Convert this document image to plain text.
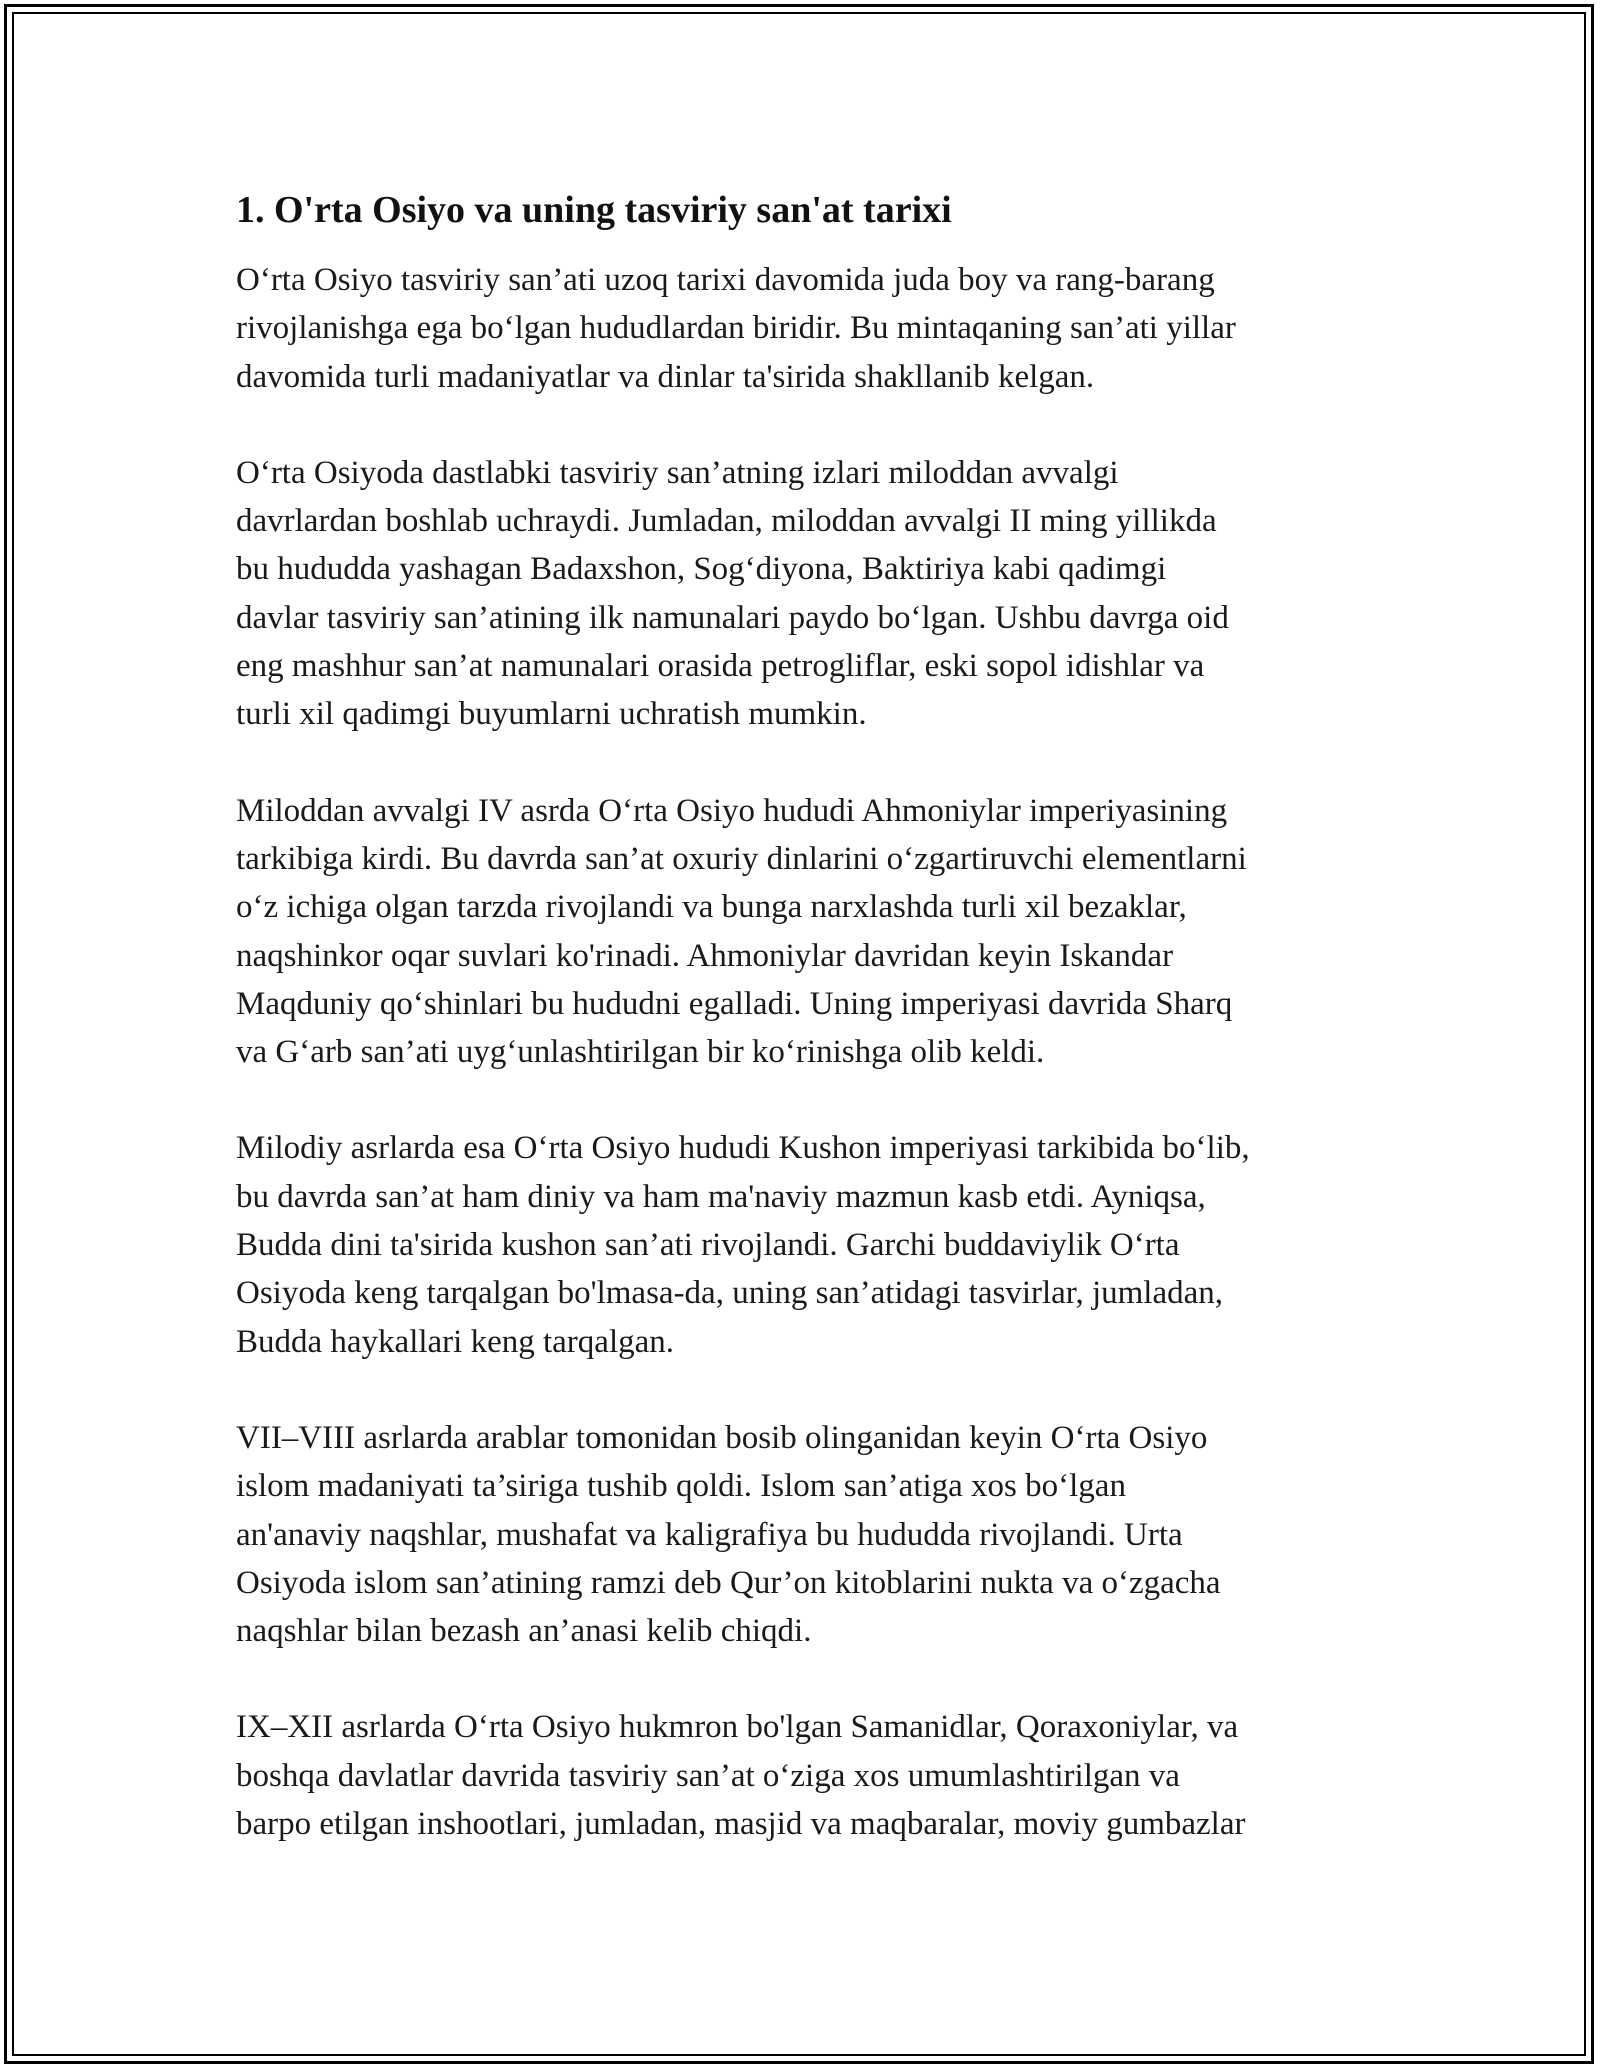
1. O'rta Osiyo va uning tasviriy san'at tarixi
O‘rta Osiyo tasviriy san’ati uzoq tarixi davomida juda boy va rang-barang
rivojlanishga ega bo‘lgan hududlardan biridir. Bu mintaqaning san’ati yillar
davomida turli madaniyatlar va dinlar ta'sirida shakllanib kelgan.
O‘rta Osiyoda dastlabki tasviriy san’atning izlari miloddan avvalgi
davrlardan boshlab uchraydi. Jumladan, miloddan avvalgi II ming yillikda
bu hududda yashagan Badaxshon, Sog‘diyona, Baktiriya kabi qadimgi
davlar tasviriy san’atining ilk namunalari paydo bo‘lgan. Ushbu davrga oid
eng mashhur san’at namunalari orasida petrogliflar, eski sopol idishlar va
turli xil qadimgi buyumlarni uchratish mumkin.
Miloddan avvalgi IV asrda O‘rta Osiyo hududi Ahmoniylar imperiyasining
tarkibiga kirdi. Bu davrda san’at oxuriy dinlarini o‘zgartiruvchi elementlarni
o‘z ichiga olgan tarzda rivojlandi va bunga narxlashda turli xil bezaklar,
naqshinkor oqar suvlari ko'rinadi. Ahmoniylar davridan keyin Iskandar
Maqduniy qo‘shinlari bu hududni egalladi. Uning imperiyasi davrida Sharq
va G‘arb san’ati uyg‘unlashtirilgan bir ko‘rinishga olib keldi.
Milodiy asrlarda esa O‘rta Osiyo hududi Kushon imperiyasi tarkibida bo‘lib,
bu davrda san’at ham diniy va ham ma'naviy mazmun kasb etdi. Ayniqsa,
Budda dini ta'sirida kushon san’ati rivojlandi. Garchi buddaviylik O‘rta
Osiyoda keng tarqalgan bo'lmasa-da, uning san’atidagi tasvirlar, jumladan,
Budda haykallari keng tarqalgan.
VII–VIII asrlarda arablar tomonidan bosib olinganidan keyin O‘rta Osiyo
islom madaniyati ta’siriga tushib qoldi. Islom san’atiga xos bo‘lgan
an'anaviy naqshlar, mushafat va kaligrafiya bu hududda rivojlandi. Urta
Osiyoda islom san’atining ramzi deb Qur’on kitoblarini nukta va o‘zgacha
naqshlar bilan bezash an’anasi kelib chiqdi.
IX–XII asrlarda O‘rta Osiyo hukmron bo'lgan Samanidlar, Qoraxoniylar, va
boshqa davlatlar davrida tasviriy san’at o‘ziga xos umumlashtirilgan va
barpo etilgan inshootlari, jumladan, masjid va maqbaralar, moviy gumbazlar
